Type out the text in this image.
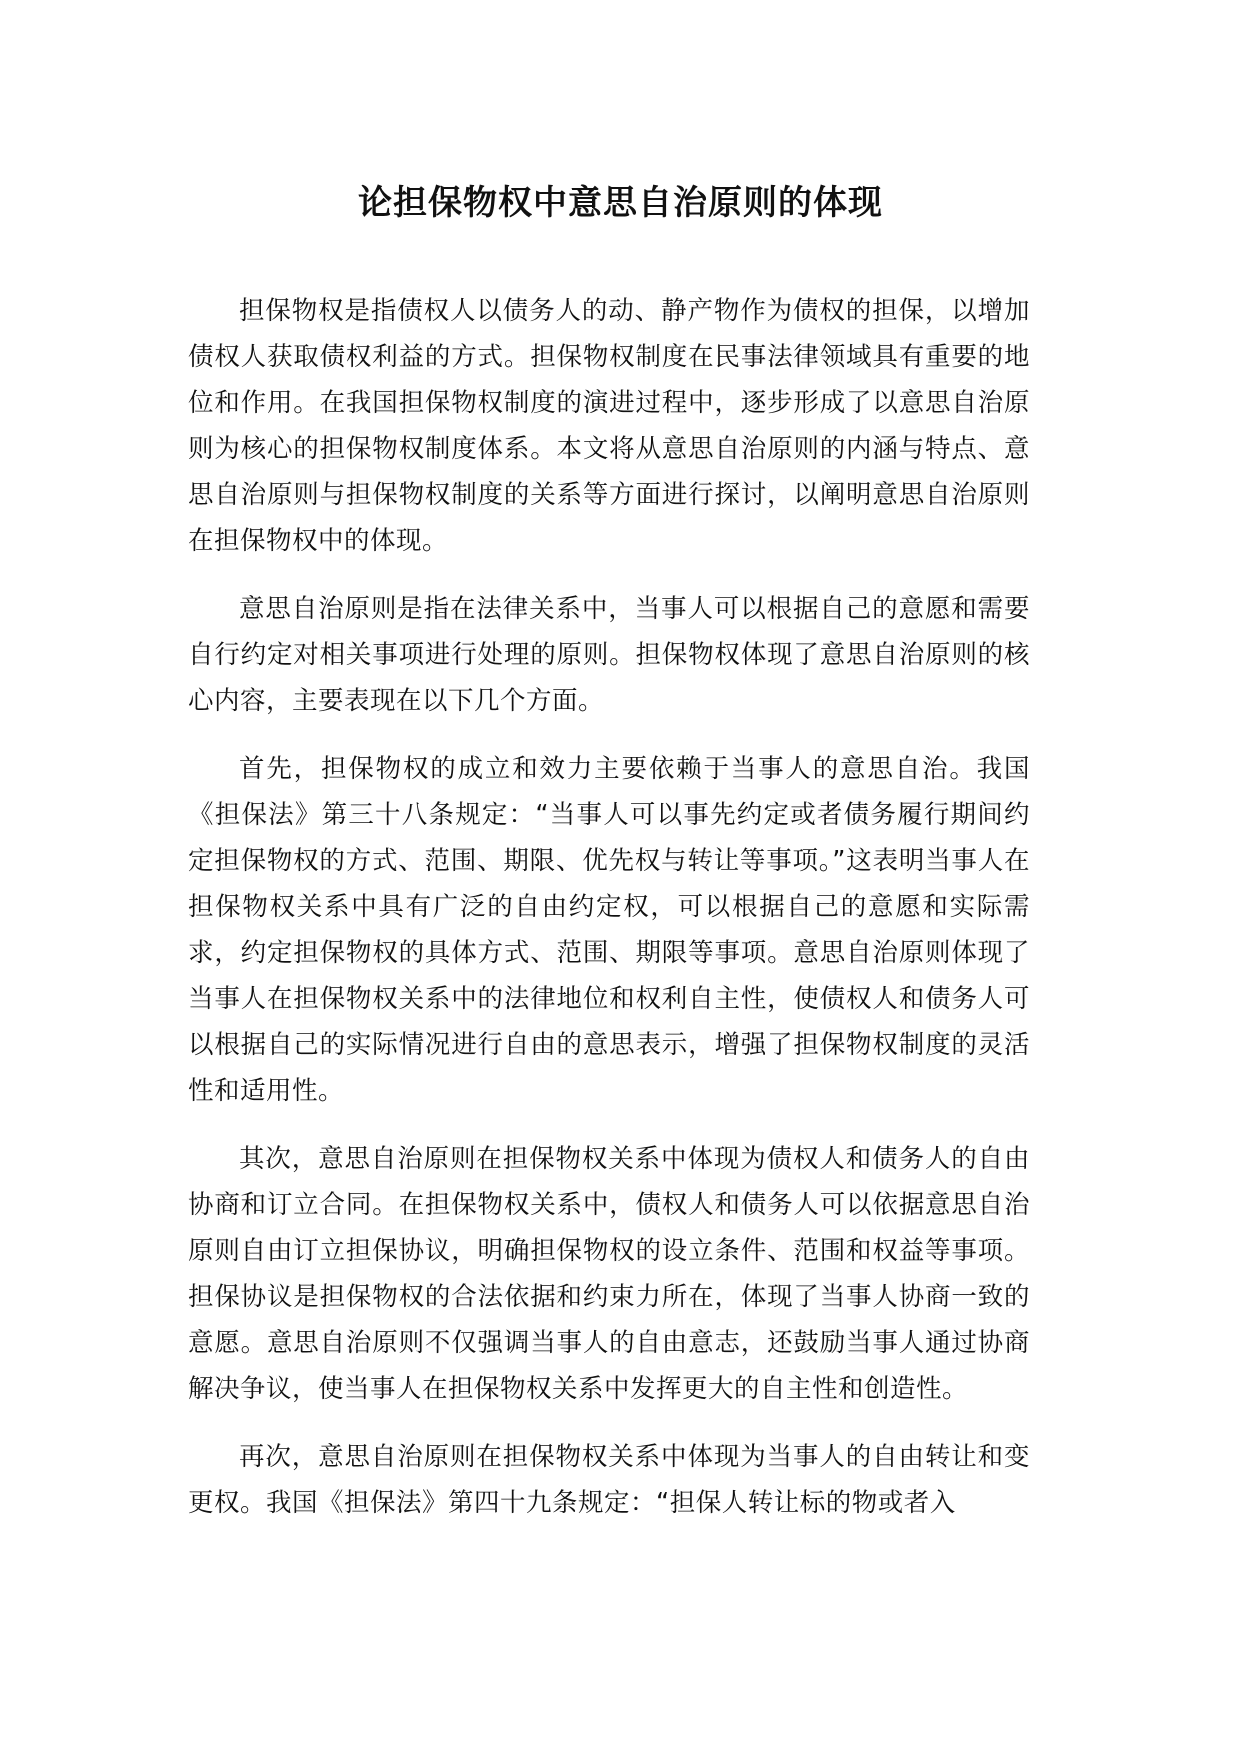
论担保物权中意思自治原则的体现

担保物权是指债权人以债务人的动、静产物作为债权的担保，以增加债权人获取债权利益的方式。担保物权制度在民事法律领域具有重要的地位和作用。在我国担保物权制度的演进过程中，逐步形成了以意思自治原则为核心的担保物权制度体系。本文将从意思自治原则的内涵与特点、意思自治原则与担保物权制度的关系等方面进行探讨，以阐明意思自治原则在担保物权中的体现。

意思自治原则是指在法律关系中，当事人可以根据自己的意愿和需要自行约定对相关事项进行处理的原则。担保物权体现了意思自治原则的核心内容，主要表现在以下几个方面。

首先，担保物权的成立和效力主要依赖于当事人的意思自治。我国《担保法》第三十八条规定：“当事人可以事先约定或者债务履行期间约定担保物权的方式、范围、期限、优先权与转让等事项。”这表明当事人在担保物权关系中具有广泛的自由约定权，可以根据自己的意愿和实际需求，约定担保物权的具体方式、范围、期限等事项。意思自治原则体现了当事人在担保物权关系中的法律地位和权利自主性，使债权人和债务人可以根据自己的实际情况进行自由的意思表示，增强了担保物权制度的灵活性和适用性。

其次，意思自治原则在担保物权关系中体现为债权人和债务人的自由协商和订立合同。在担保物权关系中，债权人和债务人可以依据意思自治原则自由订立担保协议，明确担保物权的设立条件、范围和权益等事项。担保协议是担保物权的合法依据和约束力所在，体现了当事人协商一致的意愿。意思自治原则不仅强调当事人的自由意志，还鼓励当事人通过协商解决争议，使当事人在担保物权关系中发挥更大的自主性和创造性。

再次，意思自治原则在担保物权关系中体现为当事人的自由转让和变更权。我国《担保法》第四十九条规定：“担保人转让标的物或者入
